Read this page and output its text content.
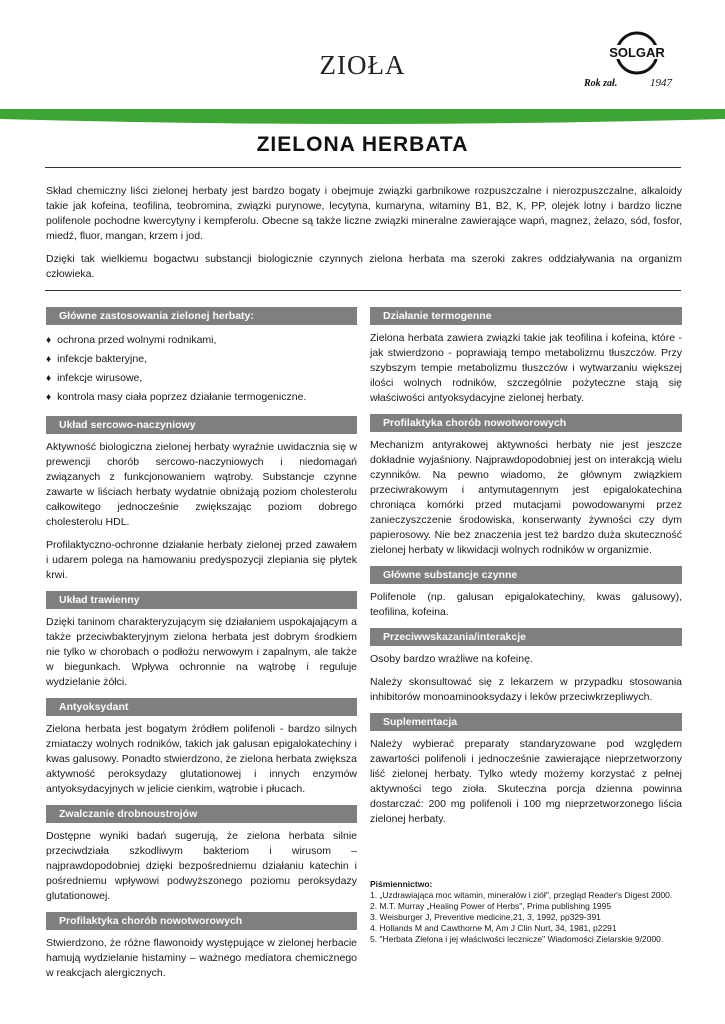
ZIOŁA	SOLGAR
Rok zał.	1947
ZIELONA HERBATA

Skład chemiczny liści zielonej herbaty jest bardzo bogaty i obejmuje związki garbnikowe rozpuszczalne i nierozpuszczalne, alkaloidy takie jak kofeina, teofilina, teobromina, związki purynowe, lecytyna, kumaryna, witaminy B1, B2, K, PP, olejek lotny i bardzo liczne polifenole pochodne kwercytyny i kempferolu. Obecne są także liczne związki mineralne zawierające wapń, magnez, żelazo, sód, fosfor, miedź, fluor, mangan, krzem i jod.

Dzięki tak wielkiemu bogactwu substancji biologicznie czynnych zielona herbata ma szeroki zakres oddziaływania na organizm człowieka.

Główne zastosowania zielonej herbaty:
♦ ochrona przed wolnymi rodnikami,
♦ infekcje bakteryjne,
♦ infekcje wirusowe,
♦ kontrola masy ciała poprzez działanie termogeniczne.
Układ sercowo-naczyniowy

Aktywność biologiczna zielonej herbaty wyraźnie uwidacznia się w prewencji chorób sercowo-naczyniowych i niedomagań związanych z funkcjonowaniem wątroby. Substancje czynne zawarte w liściach herbaty wydatnie obniżają poziom cholesterolu całkowitego jednocześnie zwiększając poziom dobrego cholesterolu HDL.

Profilaktyczno-ochronne działanie herbaty zielonej przed zawałem i udarem polega na hamowaniu predyspozycji zlepiania się płytek krwi.

Układ trawienny

Dzięki taninom charakteryzującym się działaniem uspokajającym a także przeciwbakteryjnym zielona herbata jest dobrym środkiem nie tylko w chorobach o podłożu nerwowym i zapalnym, ale także w biegunkach. Wpływa ochronnie na wątrobę i reguluje wydzielanie żółci.

Antyoksydant

Zielona herbata jest bogatym źródłem polifenoli - bardzo silnych zmiataczy wolnych rodników, takich jak galusan epigalokatechiny i kwas galusowy. Ponadto stwierdzono, że zielona herbata zwiększa aktywność peroksydazy glutationowej i innych enzymów antyoksydacyjnych w jelicie cienkim, wątrobie i płucach.

Zwalczanie drobnoustrojów

Dostępne wyniki badań sugerują, że zielona herbata silnie przeciwdziała szkodliwym bakteriom i wirusom – najprawdopodobniej dzięki bezpośredniemu działaniu katechin i pośredniemu wpływowi podwyższonego poziomu peroksydazy glutationowej.

Profilaktyka chorób nowotworowych

Stwierdzono, że różne flawonoidy występujące w zielonej herbacie hamują wydzielanie histaminy – ważnego mediatora chemicznego w reakcjach alergicznych.

Działanie termogenne

Zielona herbata zawiera związki takie jak teofilina i kofeina, które - jak stwierdzono - poprawiają tempo metabolizmu tłuszczów. Przy szybszym tempie metabolizmu tłuszczów i wytwarzaniu większej ilości wolnych rodników, szczególnie pożyteczne stają się właściwości antyoksydacyjne zielonej herbaty.

Profilaktyka chorób nowotworowych

Mechanizm antyrakowej aktywności herbaty nie jest jeszcze dokładnie wyjaśniony. Najprawdopodobniej jest on interakcją wielu czynników. Na pewno wiadomo, że głównym związkiem przeciwrakowym i antymutagennym jest epigalokatechina chroniąca komórki przed mutacjami powodowanymi przez zanieczyszczenie środowiska, konserwanty żywności czy dym papierosowy. Nie bez znaczenia jest też bardzo duża skuteczność zielonej herbaty w likwidacji wolnych rodników w organizmie.

Główne substancje czynne

Polifenole (np. galusan epigalokatechiny, kwas galusowy), teofilina, kofeina.

Przeciwwskazania/interakcje

Osoby bardzo wrażliwe na kofeinę.

Należy skonsultować się z lekarzem w przypadku stosowania inhibitorów monoaminooksydazy i leków przeciwkrzepliwych.

Suplementacja

Należy wybierać preparaty standaryzowane pod względem zawartości polifenoli i jednocześnie zawierające nieprzetworzony liść zielonej herbaty. Tylko wtedy możemy korzystać z pełnej aktywności tego zioła. Skuteczna porcja dzienna powinna dostarczać: 200 mg polifenoli i 100 mg nieprzetworzonego liścia zielonej herbaty.

Piśmiennictwo:

1. „Uzdrawiająca moc witamin, minerałów i ziół", przegląd Reader's Digest 2000.
2. M.T. Murray „Healing Power of Herbs", Prima publishing 1995
3. Weisburger J, Preventive medicine,21, 3, 1992, pp329-391
4. Hollands M and Cawthorne M, Am J Clin Nurt, 34, 1981, p2291
5. "Herbata Zielona i jej właściwości lecznicze" Wiadomości Zielarskie 9/2000.
